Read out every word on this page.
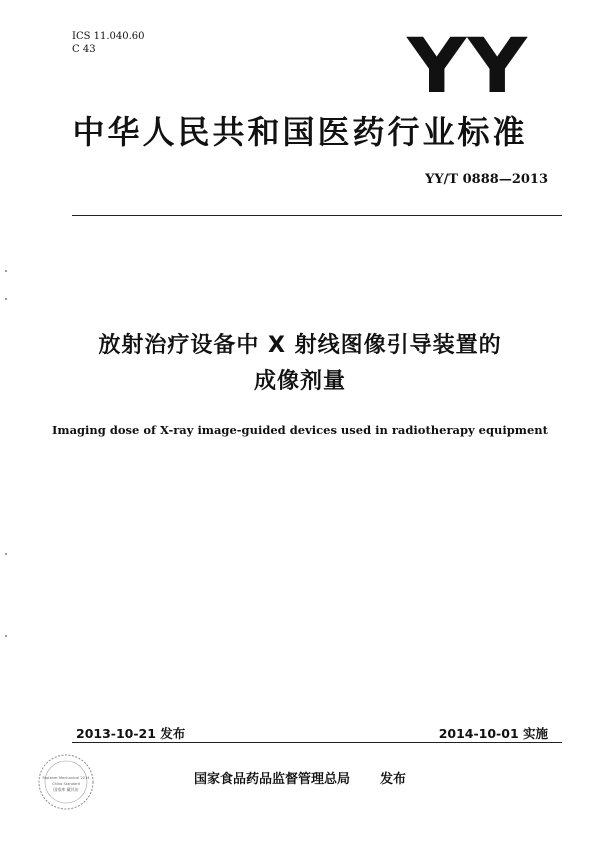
ICS 11.040.60
C 43	YY
中华人民共和国医药行业标准
YY/T 0888—2013
放射治疗设备中 X 射线图像引导装置的
成像剂量
Imaging dose of X-ray image-guided devices used in radiotherapy equipment
2013-10-21 发布	2014-10-01 实施
Fastener Mechanical 2014
China Standard
国家库 藏其仿
国家食品药品监督管理总局 发布
